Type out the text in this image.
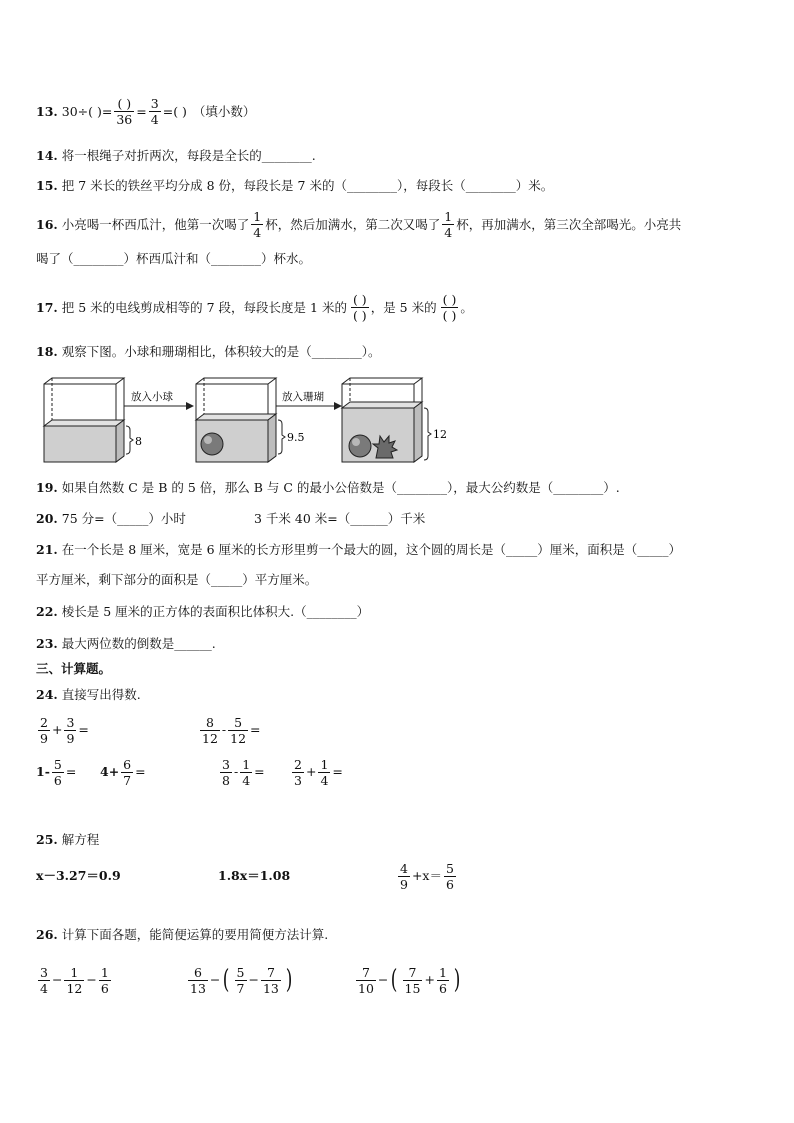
13. 30÷ ( ) = $\frac{( )}{36} = \frac{3}{4}$ = ( ) （填小数）
14. 将一根绳子对折两次，每段是全长的________.
15. 把 7 米长的铁丝平均分成 8 份，每段长是 7 米的（________），每段长（________）米。
16. 小亮喝一杯西瓜汁，他第一次喝了 $\frac{1}{4}$ 杯，然后加满水，第二次又喝了 $\frac{1}{4}$ 杯，再加满水，第三次全部喝光。小亮共
喝了（________）杯西瓜汁和（________）杯水。
17. 把 5 米的电线剪成相等的 7 段，每段长度是 1 米的 $\frac{( )}{( )}$ ，是 5 米的 $\frac{( )}{( )}$ 。
18. 观察下图。小球和珊瑚相比，体积较大的是（________）。
8
放入小球
9.5
放入珊瑚
12
19. 如果自然数 C 是 B 的 5 倍，那么 B 与 C 的最小公倍数是（________），最大公约数是（________）.
20. 75 分=（_____）小时	3 千米 40 米=（______）千米
21. 在一个长是 8 厘米，宽是 6 厘米的长方形里剪一个最大的圆，这个圆的周长是（_____）厘米，面积是（_____）
平方厘米，剩下部分的面积是（_____）平方厘米。
22. 棱长是 5 厘米的正方体的表面积比体积大.（________）
23. 最大两位数的倒数是______.
三、计算题。
24. 直接写出得数.
$\frac{2}{9} + \frac{3}{9}$ =	$\frac{8}{12} - \frac{5}{12}$ =
$1- \frac{5}{6} = 4+ \frac{6}{7}$ =	$\frac{3}{8} - \frac{1}{4} = \frac{2}{3} + \frac{1}{4}$ =
25. 解方程
x－3.27＝0.9	1.8x＝1.08	$\frac{4}{9} +x= \frac{5}{6}$
26. 计算下面各题，能简便运算的要用简便方法计算.
$\frac{3}{4} - \frac{1}{12} - \frac{1}{6}$	$\frac{6}{13}$ − ( $\frac{5}{7} - \frac{7}{13}$ )	$\frac{7}{10}$ − ( $\frac{7}{15} + \frac{1}{6}$ )
